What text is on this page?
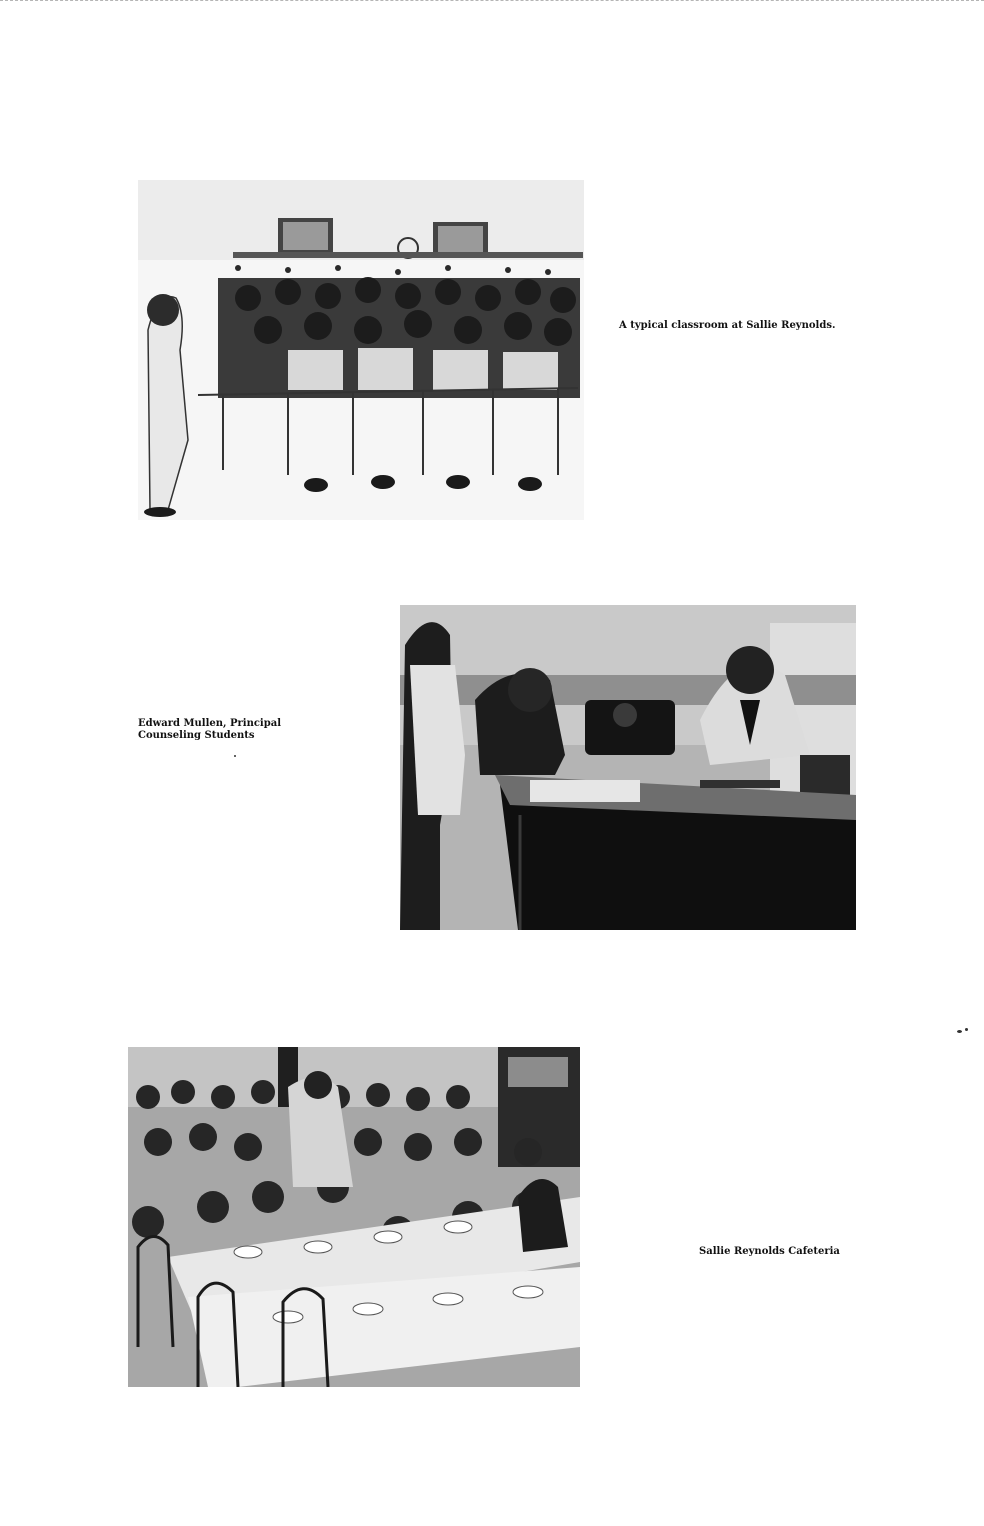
A typical classroom at Sallie Reynolds.

Edward Mullen, Principal

Counseling Students

Sallie Reynolds Cafeteria
